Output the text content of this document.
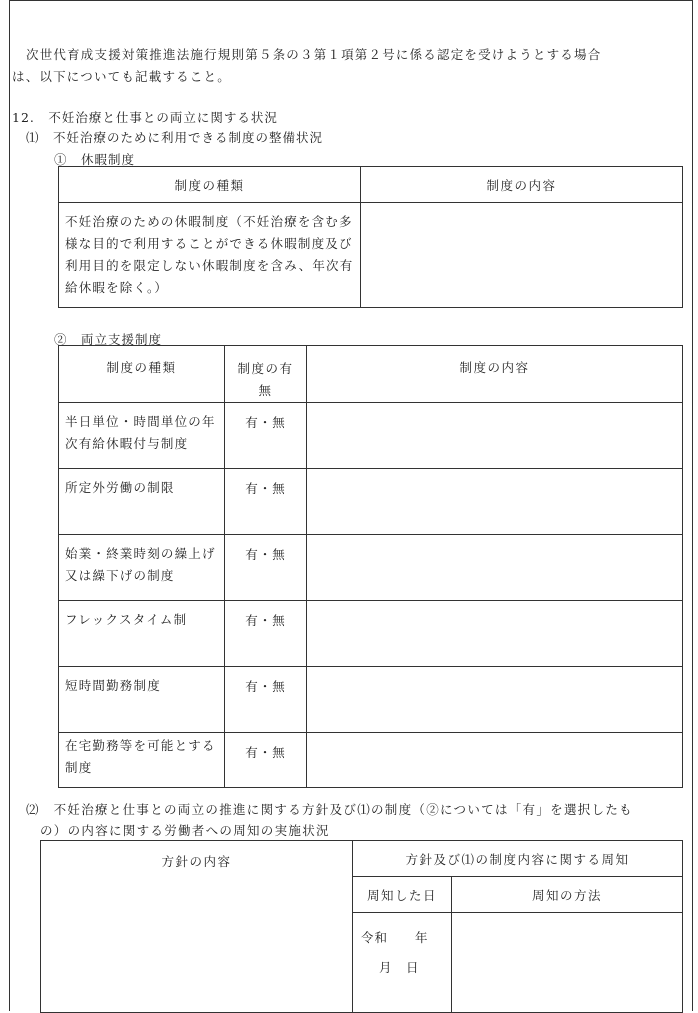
次世代育成支援対策推進法施行規則第５条の３第１項第２号に係る認定を受けようとする場合
は、以下についても記載すること。
12.　不妊治療と仕事との両立に関する状況
⑴　不妊治療のために利用できる制度の整備状況
①　休暇制度
制度の種類	制度の内容

不妊治療のための休暇制度（不妊治療を含む多様な目的で利用することができる休暇制度及び利用目的を限定しない休暇制度を含み、年次有給休暇を除く。）	

②　両立支援制度
制度の種類	制度の有
無	制度の内容

半日単位・時間単位の年次有給休暇付与制度	有・無	

所定外労働の制限	有・無	

始業・終業時刻の繰上げ又は繰下げの制度	有・無	

フレックスタイム制	有・無	

短時間勤務制度	有・無	

在宅勤務等を可能とする制度	有・無	
⑵　不妊治療と仕事との両立の推進に関する方針及び⑴の制度（②については「有」を選択したも
の）の内容に関する労働者への周知の実施状況
方針の内容	方針及び⑴の制度内容に関する周知	
	周知した日	周知の方法

	令和　　年
月　日	
